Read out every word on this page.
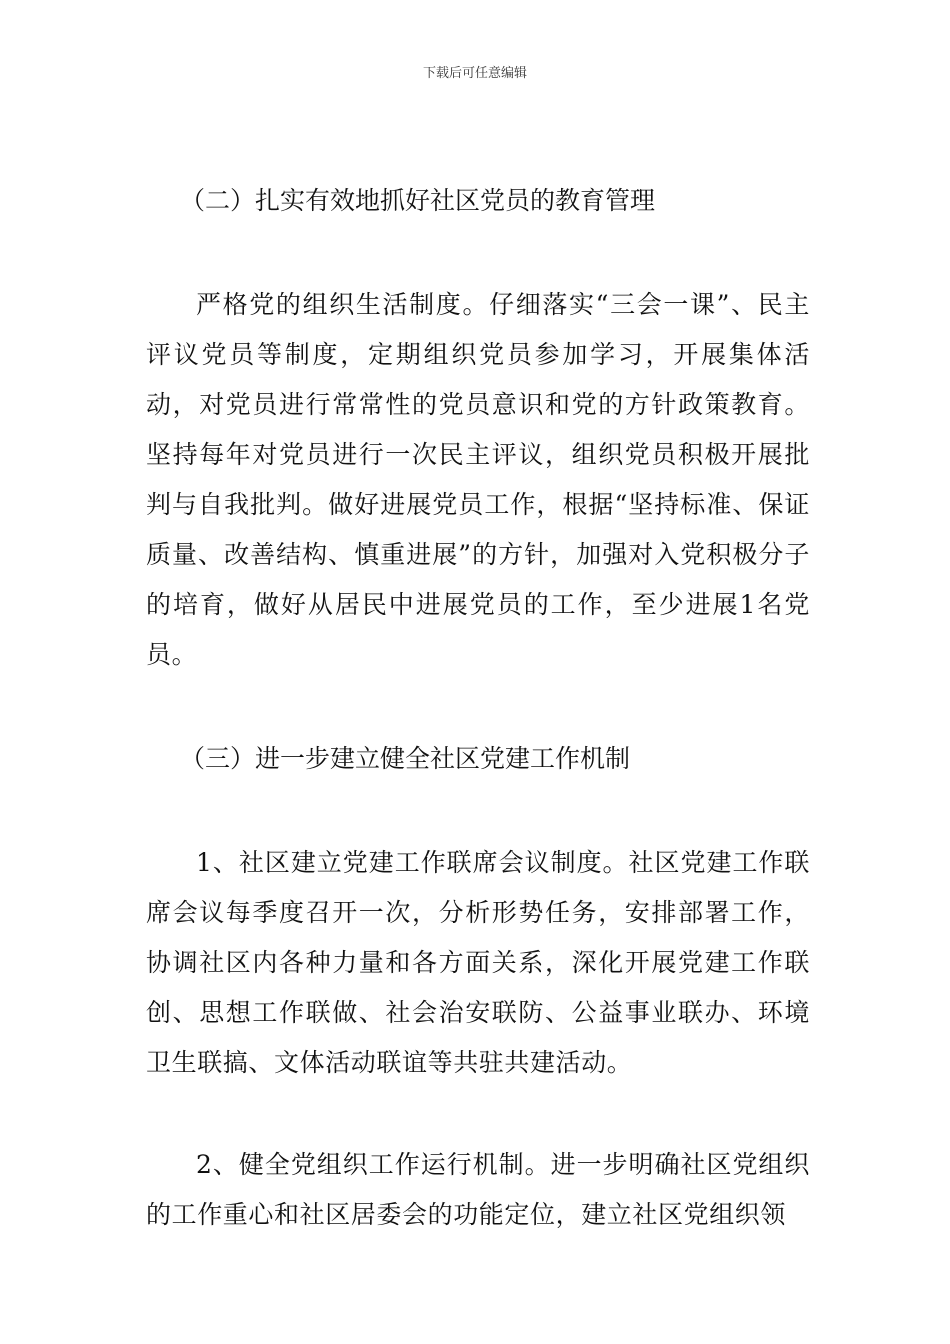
下载后可任意编辑
（二）扎实有效地抓好社区党员的教育管理

严格党的组织生活制度。仔细落实“三会一课”、民主评议党员等制度，定期组织党员参加学习，开展集体活动，对党员进行常常性的党员意识和党的方针政策教育。坚持每年对党员进行一次民主评议，组织党员积极开展批判与自我批判。做好进展党员工作，根据“坚持标准、保证质量、改善结构、慎重进展”的方针，加强对入党积极分子的培育，做好从居民中进展党员的工作，至少进展1名党员。

（三）进一步建立健全社区党建工作机制

1、社区建立党建工作联席会议制度。社区党建工作联席会议每季度召开一次，分析形势任务，安排部署工作，协调社区内各种力量和各方面关系，深化开展党建工作联创、思想工作联做、社会治安联防、公益事业联办、环境卫生联搞、文体活动联谊等共驻共建活动。

2、健全党组织工作运行机制。进一步明确社区党组织的工作重心和社区居委会的功能定位，建立社区党组织领
